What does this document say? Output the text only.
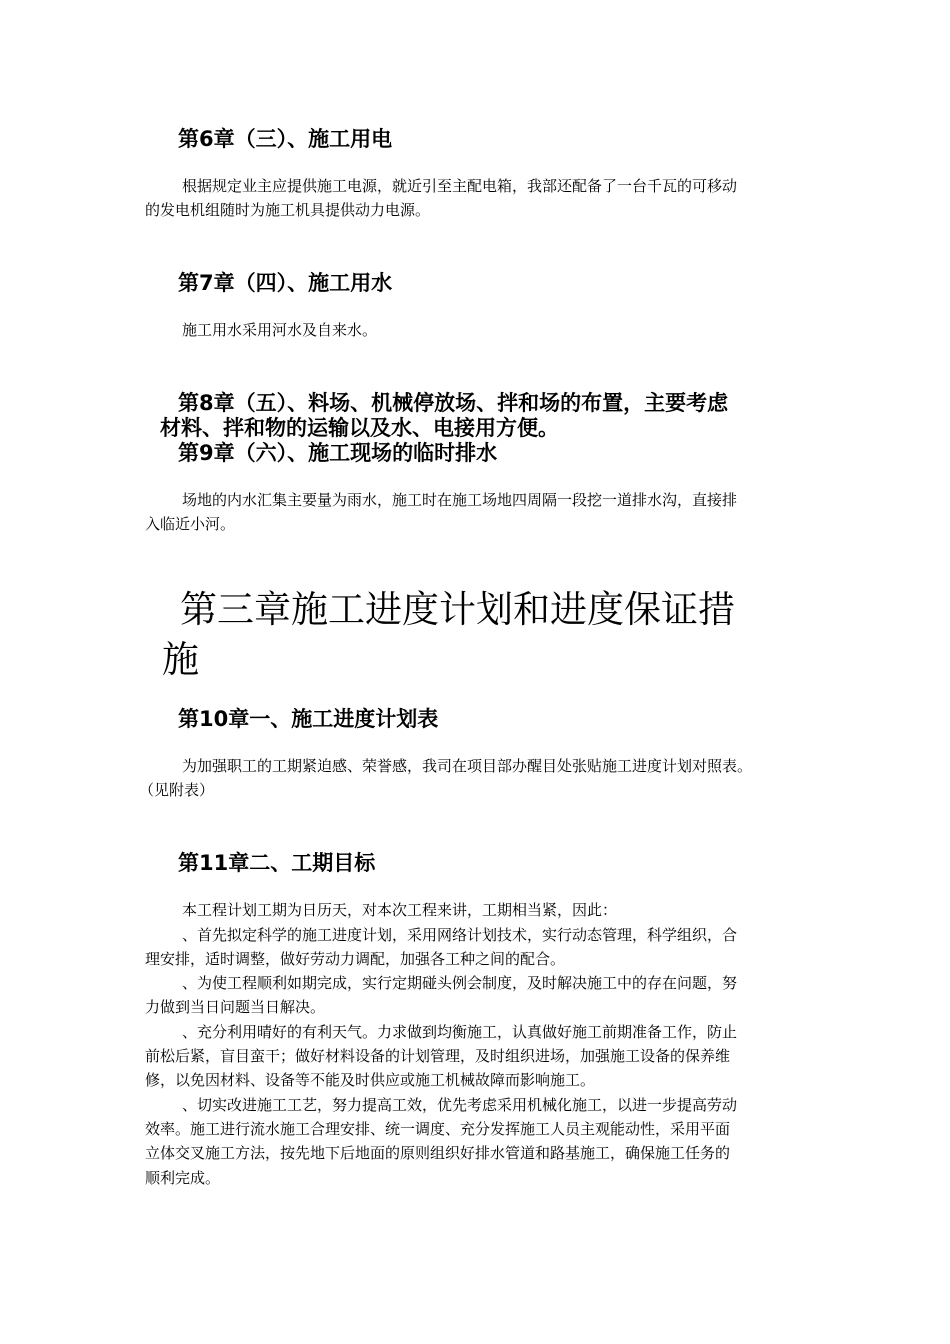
第6章（三）、施工用电
根据规定业主应提供施工电源，就近引至主配电箱，我部还配备了一台千瓦的可移动
的发电机组随时为施工机具提供动力电源。
第7章（四）、施工用水
施工用水采用河水及自来水。
第8章（五）、料场、机械停放场、拌和场的布置，主要考虑
材料、拌和物的运输以及水、电接用方便。
第9章（六）、施工现场的临时排水
场地的内水汇集主要量为雨水，施工时在施工场地四周隔一段挖一道排水沟，直接排
入临近小河。
第三章施工进度计划和进度保证措
施
第10章一、施工进度计划表
为加强职工的工期紧迫感、荣誉感，我司在项目部办醒目处张贴施工进度计划对照表。
（见附表）
第11章二、工期目标
本工程计划工期为日历天，对本次工程来讲，工期相当紧，因此：
、首先拟定科学的施工进度计划，采用网络计划技术，实行动态管理，科学组织，合
理安排，适时调整，做好劳动力调配，加强各工种之间的配合。
、为使工程顺利如期完成，实行定期碰头例会制度，及时解决施工中的存在问题，努
力做到当日问题当日解决。
、充分利用晴好的有利天气。力求做到均衡施工，认真做好施工前期准备工作，防止
前松后紧，盲目蛮干；做好材料设备的计划管理，及时组织进场，加强施工设备的保养维
修，以免因材料、设备等不能及时供应或施工机械故障而影响施工。
、切实改进施工工艺，努力提高工效，优先考虑采用机械化施工，以进一步提高劳动
效率。施工进行流水施工合理安排、统一调度、充分发挥施工人员主观能动性，采用平面
立体交叉施工方法，按先地下后地面的原则组织好排水管道和路基施工，确保施工任务的
顺利完成。
